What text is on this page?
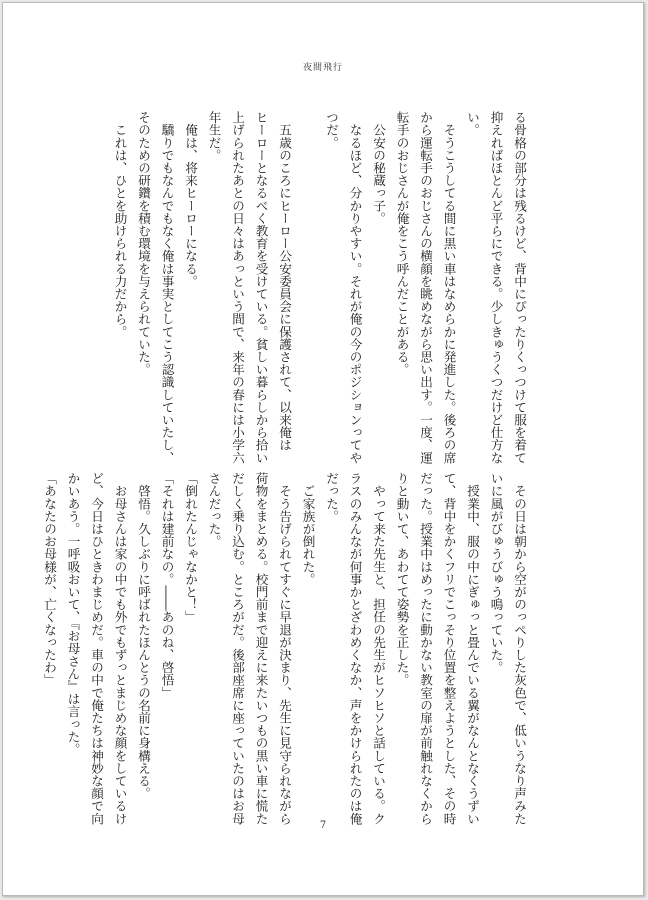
夜間飛行
る骨格の部分は残るけど、背中にぴったりくっつけて服を着て
抑えればほとんど平らにできる。少しきゅうくつだけど仕方な
い。
　そうこうしてる間に黒い車はなめらかに発進した。後ろの席
から運転手のおじさんの横顔を眺めながら思い出す。一度、運
転手のおじさんが俺をこう呼んだことがある。
　公安の秘蔵っ子。
　なるほど、分かりやすい。それが俺の今のポジションってや
つだ。

　五歳のころにヒーロー公安委員会に保護されて、以来俺は
ヒーローとなるべく教育を受けている。貧しい暮らしから拾い
上げられたあとの日々はあっという間で、来年の春には小学六
年生だ。
　俺は、将来ヒーローになる。
　驕りでもなんでもなく俺は事実としてこう認識していたし、
そのための研鑽を積む環境を与えられていた。
　これは、ひとを助けられる力だから。
　その日は朝から空がのっぺりした灰色で、低いうなり声みた
いに風がびゅうびゅう鳴っていた。
　授業中、服の中にぎゅっと畳んでいる翼がなんとなくうずい
て、背中をかくフリでこっそり位置を整えようとした、その時
だった。授業中はめったに動かない教室の扉が前触れなくから
りと動いて、あわてて姿勢を正した。
　やって来た先生と、担任の先生がヒソヒソと話している。ク
ラスのみんなが何事かとざわめくなか、声をかけられたのは俺
だった。
　ご家族が倒れた。
　そう告げられてすぐに早退が決まり、先生に見守られながら
荷物をまとめる。校門前まで迎えに来たいつもの黒い車に慌た
だしく乗り込む。ところがだ。後部座席に座っていたのはお母
さんだった。
「倒れたんじゃなかと！」
「それは建前なの。――あのね、啓悟」
　啓悟。久しぶりに呼ばれたほんとうの名前に身構える。
　お母さんは家の中でも外でもずっとまじめな顔をしているけ
ど、今日はひときわまじめだ。車の中で俺たちは神妙な顔で向
かいあう。一呼吸おいて、『お母さん』は言った。
「あなたのお母様が、亡くなったわ」
7
